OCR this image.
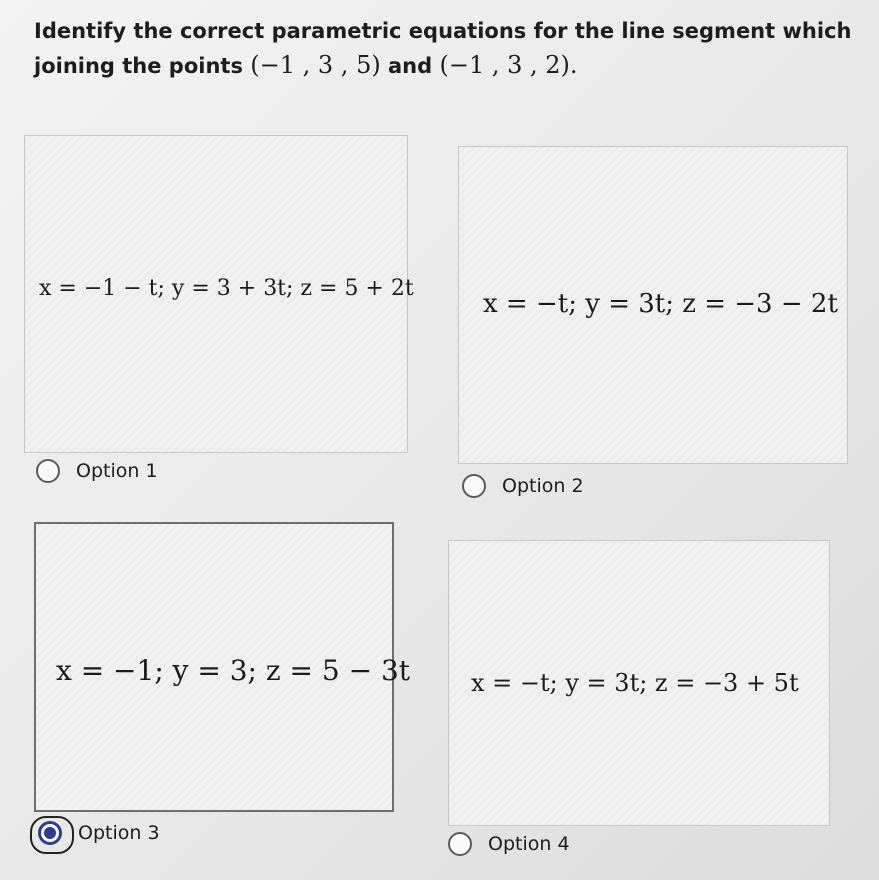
Identify the correct parametric equations for the line segment which joining the points (−1 , 3 , 5) and (−1 , 3 , 2).
x = −1 − t; y = 3 + 3t; z = 5 + 2t
Option 1
x = −t; y = 3t; z = −3 − 2t
Option 2
x = −1; y = 3; z = 5 − 3t
Option 3
x = −t; y = 3t; z = −3 + 5t
Option 4
